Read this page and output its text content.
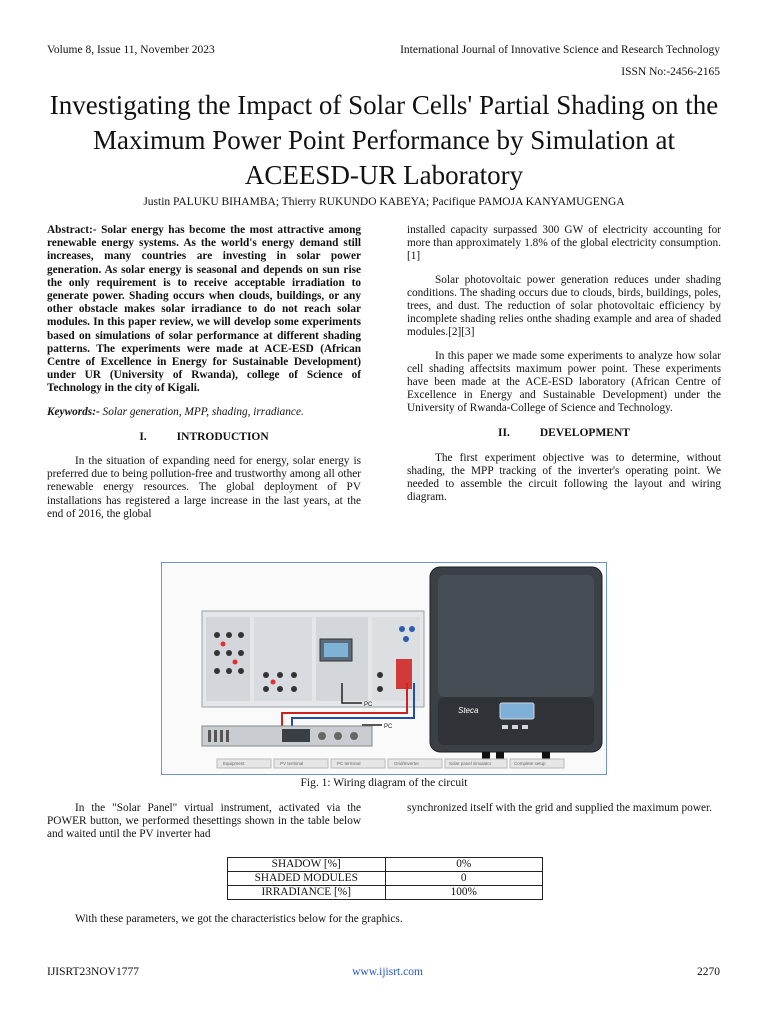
Volume 8, Issue 11, November 2023	International Journal of Innovative Science and Research Technology
ISSN No:-2456-2165
Investigating the Impact of Solar Cells' Partial Shading on the Maximum Power Point Performance by Simulation at ACEESD-UR Laboratory
Justin PALUKU BIHAMBA; Thierry RUKUNDO KABEYA; Pacifique PAMOJA KANYAMUGENGA

Abstract:- Solar energy has become the most attractive among renewable energy systems. As the world's energy demand still increases, many countries are investing in solar power generation. As solar energy is seasonal and depends on sun rise the only requirement is to receive acceptable irradiation to generate power. Shading occurs when clouds, buildings, or any other obstacle makes solar irradiance to do not reach solar modules. In this paper review, we will develop some experiments based on simulations of solar performance at different shading patterns. The experiments were made at ACE-ESD (African Centre of Excellence in Energy for Sustainable Development) under UR (University of Rwanda), college of Science of Technology in the city of Kigali.

Keywords:- Solar generation, MPP, shading, irradiance.

I.	INTRODUCTION

In the situation of expanding need for energy, solar energy is preferred due to being pollution-free and trustworthy among all other renewable energy resources. The global deployment of PV installations has registered a large increase in the last years, at the end of 2016, the global

installed capacity surpassed 300 GW of electricity accounting for more than approximately 1.8% of the global electricity consumption.[1]

Solar photovoltaic power generation reduces under shading conditions. The shading occurs due to clouds, birds, buildings, poles, trees, and dust. The reduction of solar photovoltaic efficiency by incomplete shading relies onthe shading example and area of shaded modules.[2][3]

In this paper we made some experiments to analyze how solar cell shading affectsits maximum power point. These experiments have been made at the ACE-ESD laboratory (African Centre of Excellence in Energy and Sustainable Development) under the University of Rwanda-College of Science and Technology.

II.	DEVELOPMENT

The first experiment objective was to determine, without shading, the MPP tracking of the inverter's operating point. We needed to assemble the circuit following the layout and wiring diagram.

PC
PC
Steca
Equipment	PV terminal	PC terminal	Grid/Inverter	Solar panel simulator	Complete setup
Fig. 1: Wiring diagram of the circuit

In the "Solar Panel" virtual instrument, activated via the POWER button, we performed thesettings shown in the table below and waited until the PV inverter had

synchronized itself with the grid and supplied the maximum power.

SHADOW [%]	0%
SHADED MODULES	0
IRRADIANCE [%]	100%
With these parameters, we got the characteristics below for the graphics.
IJISRT23NOV1777	www.ijisrt.com	2270
